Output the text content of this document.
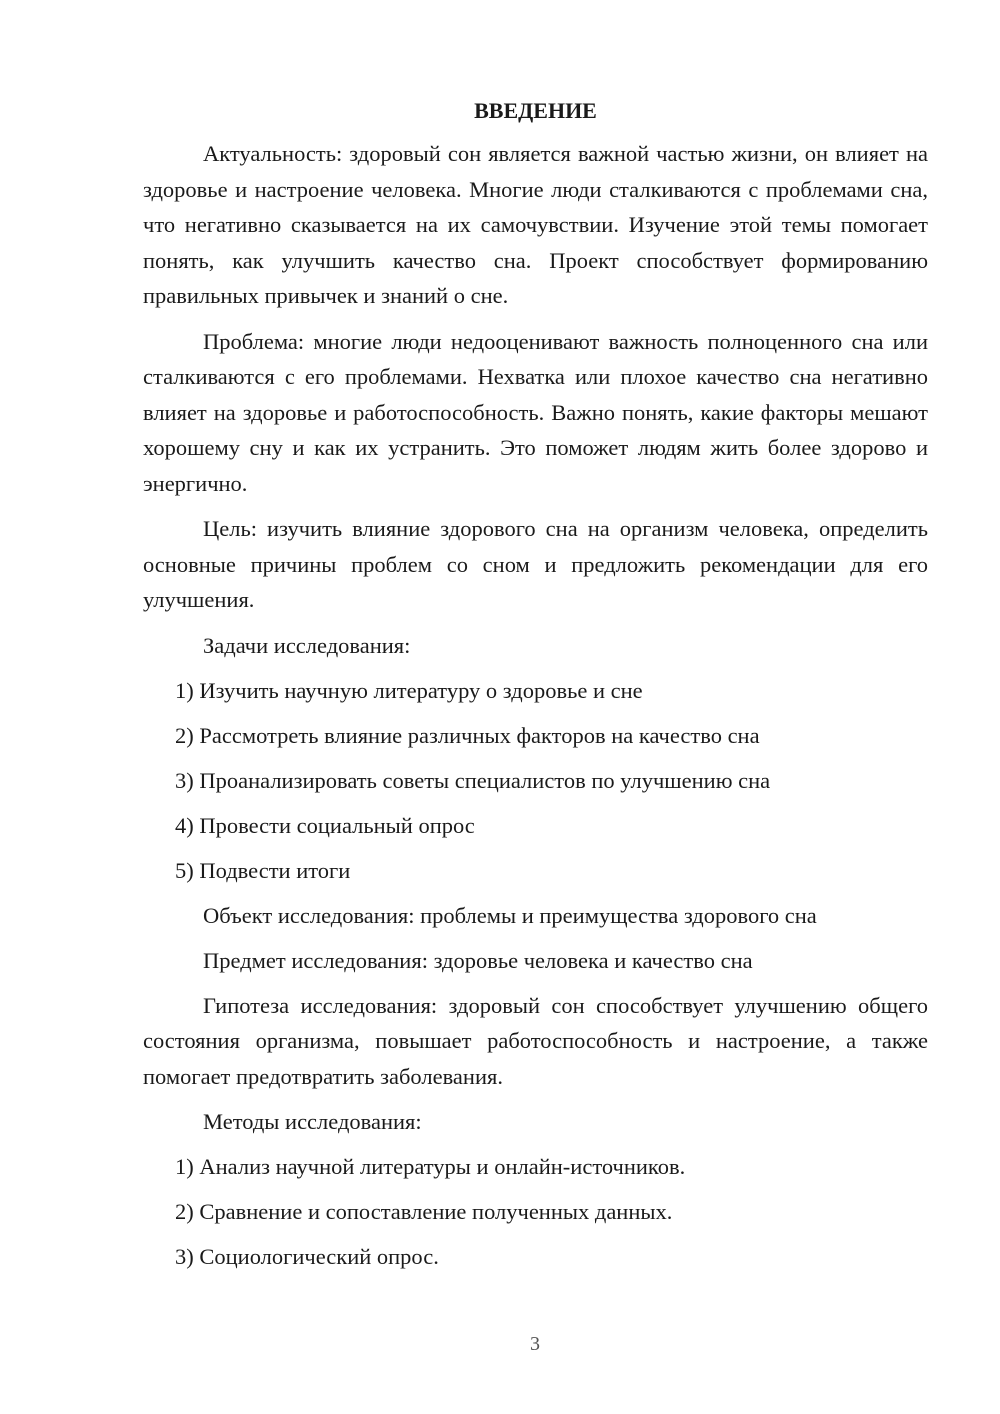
ВВЕДЕНИЕ

Актуальность: здоровый сон является важной частью жизни, он влияет на здоровье и настроение человека. Многие люди сталкиваются с проблемами сна, что негативно сказывается на их самочувствии. Изучение этой темы помогает понять, как улучшить качество сна. Проект способствует формированию правильных привычек и знаний о сне.

Проблема: многие люди недооценивают важность полноценного сна или сталкиваются с его проблемами. Нехватка или плохое качество сна негативно влияет на здоровье и работоспособность. Важно понять, какие факторы мешают хорошему сну и как их устранить. Это поможет людям жить более здорово и энергично.

Цель: изучить влияние здорового сна на организм человека, определить основные причины проблем со сном и предложить рекомендации для его улучшения.

Задачи исследования:

1) Изучить научную литературу о здоровье и сне
2) Рассмотреть влияние различных факторов на качество сна
3) Проанализировать советы специалистов по улучшению сна
4) Провести социальный опрос
5) Подвести итоги

Объект исследования: проблемы и преимущества здорового сна

Предмет исследования: здоровье человека и качество сна

Гипотеза исследования: здоровый сон способствует улучшению общего состояния организма, повышает работоспособность и настроение, а также помогает предотвратить заболевания.

Методы исследования:

1) Анализ научной литературы и онлайн-источников.
2) Сравнение и сопоставление полученных данных.
3) Социологический опрос.
3
